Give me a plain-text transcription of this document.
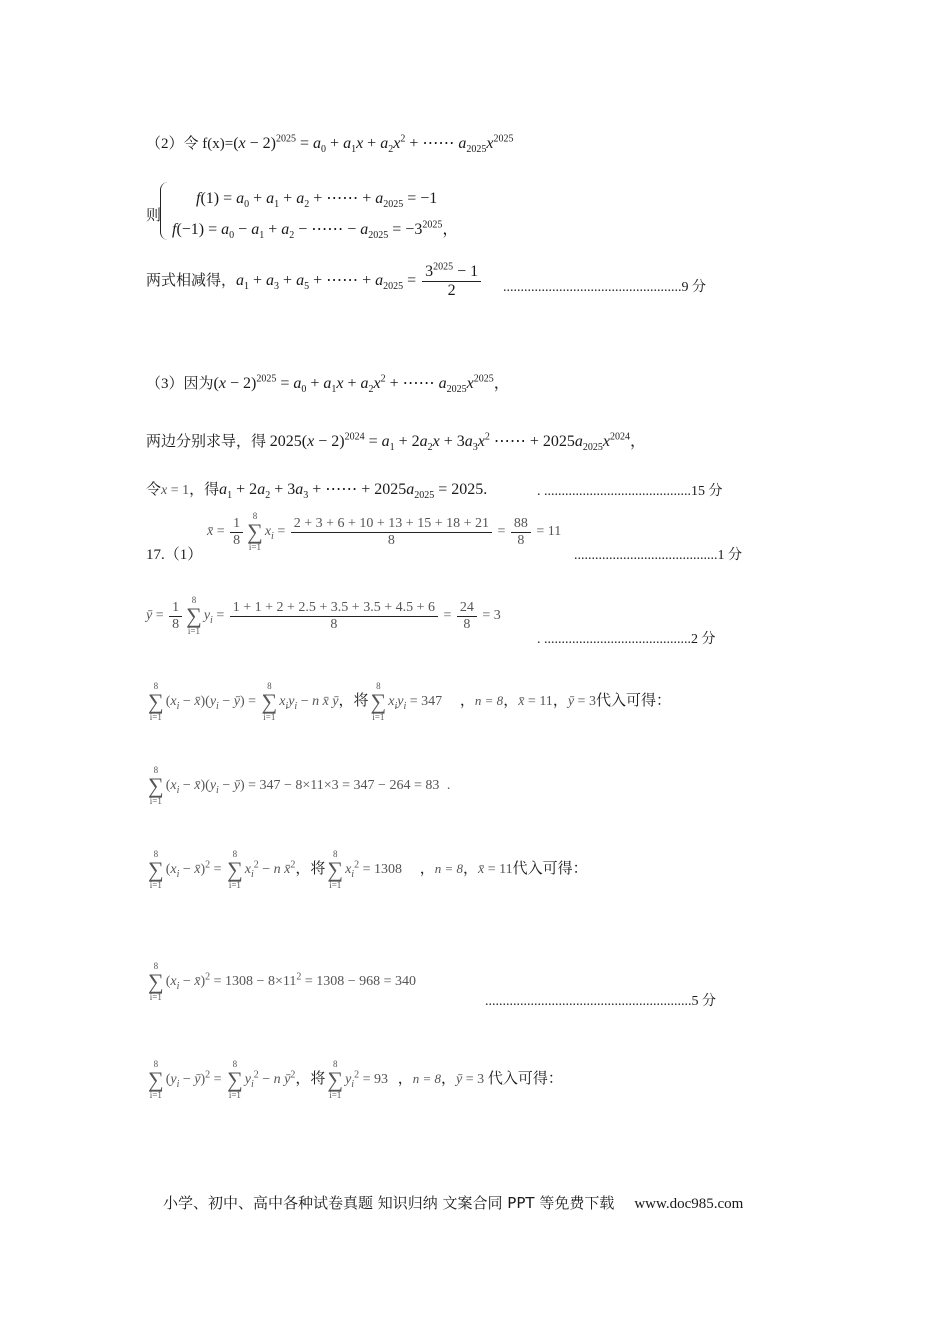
（2）令 $f(x)=(x - 2)^{2025} = a_0 + a_1x + a_2x^2$ + ⋯⋯ $a_{2025}x^{2025}$
则
$f(1) = a_0 + a_1 + a_2$ + ⋯⋯ + $a_{2025} = -1$
$f(-1) = a_0 - a_1 + a_2$ − ⋯⋯ − $a_{2025} = -3^{2025}$，
两式相减得，$a_1 + a_3 + a_5$ + ⋯⋯ + $a_{2025} = \frac{3^{2025} - 1}{2} ...................................................9$ 分
（3）因为$(x - 2)^{2025} = a_0 + a_1x + a_2x^2$ + ⋯⋯ $a_{2025}x^{2025}$，
两边分别求导，得 $2025(x - 2)^{2024} = a_1 + 2a_2x + 3a_3x^2$ ⋯⋯ + $2025a_{2025}x^{2024}$，
令x = 1，得$a_1 + 2a_2 + 3a_3$ + ⋯⋯ + $2025a_{2025} = 2025$.	. ..........................................15 分
x̄ = $\frac{1}{8}$	8
∑
i=1
$x_i = \frac{2 + 3 + 6 + 10 + 13 + 15 + 18 + 21}{8} = \frac{88}{8} = 11$
17.（1）	.........................................1 分
ȳ = $\frac{1}{8}$	8
∑
i=1
$y_i = \frac{1 + 1 + 2 + 2.5 + 3.5 + 3.5 + 4.5 + 6}{8} = \frac{24}{8} = 3$
. ..........................................2 分
8
∑
i=1
($x_i$ − $x̄)(y_i$ − ȳ) =
8
∑
i=1
$x_iy_i - n$ x̄ ȳ，将
8
∑
i=1
$x_iy_i = 347$ ，n = 8，x̄ = 11，ȳ = 3代入可得：
8
∑
i=1
($x_i$ − $x̄)(y_i$ − ȳ) = 347 − 8×11×3 = 347 − 264 = 83 .
8
∑
i=1
($x_i$ − x̄)$^2$ =
8
∑
i=1
$x_i^2 - n$ x̄$^2$，将
8
∑
i=1
$x_i^2 = 1308$ ，n = 8，x̄ = 11代入可得：
8
∑
i=1
($x_i$ − x̄)$^2$ = $1308 - 8\times 11^2 = 1308 - 968 = 340$
...........................................................5 分
8
∑
i=1
($y_i$ − ȳ)$^2$ =
8
∑
i=1
$y_i^2 - n$ $ȳ^2$，将
8
∑
i=1
$y_i^2 = 93$ ，n = 8，ȳ = 3 代入可得：
小学、初中、高中各种试卷真题 知识归纳 文案合同 PPT 等免费下载 www.doc985.com
